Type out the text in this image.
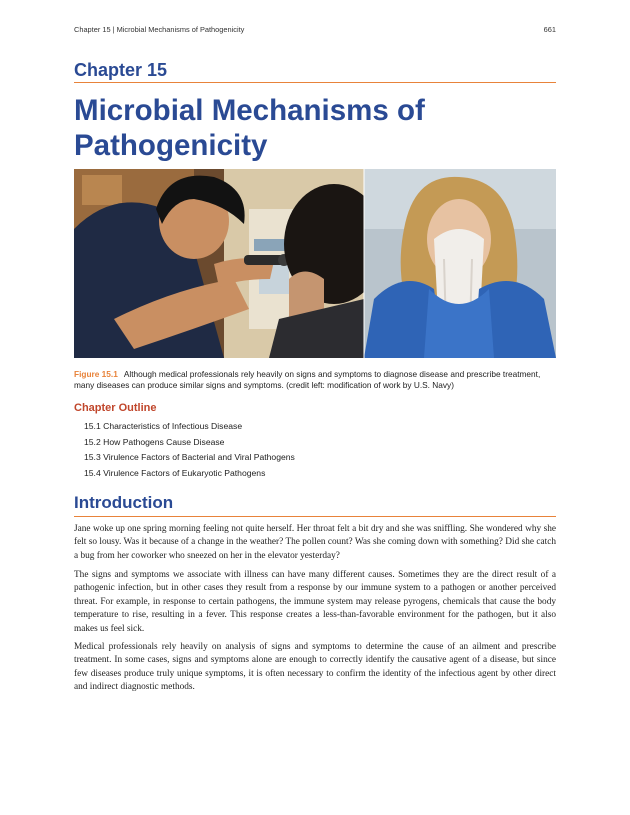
Chapter 15 | Microbial Mechanisms of Pathogenicity	661
Chapter 15
Microbial Mechanisms of Pathogenicity
Figure 15.1 Although medical professionals rely heavily on signs and symptoms to diagnose disease and prescribe treatment, many diseases can produce similar signs and symptoms. (credit left: modification of work by U.S. Navy)
Chapter Outline
15.1 Characteristics of Infectious Disease
15.2 How Pathogens Cause Disease
15.3 Virulence Factors of Bacterial and Viral Pathogens
15.4 Virulence Factors of Eukaryotic Pathogens
Introduction

Jane woke up one spring morning feeling not quite herself. Her throat felt a bit dry and she was sniffling. She wondered why she felt so lousy. Was it because of a change in the weather? The pollen count? Was she coming down with something? Did she catch a bug from her coworker who sneezed on her in the elevator yesterday?

The signs and symptoms we associate with illness can have many different causes. Sometimes they are the direct result of a pathogenic infection, but in other cases they result from a response by our immune system to a pathogen or another perceived threat. For example, in response to certain pathogens, the immune system may release pyrogens, chemicals that cause the body temperature to rise, resulting in a fever. This response creates a less-than-favorable environment for the pathogen, but it also makes us feel sick.

Medical professionals rely heavily on analysis of signs and symptoms to determine the cause of an ailment and prescribe treatment. In some cases, signs and symptoms alone are enough to correctly identify the causative agent of a disease, but since few diseases produce truly unique symptoms, it is often necessary to confirm the identity of the infectious agent by other direct and indirect diagnostic methods.
